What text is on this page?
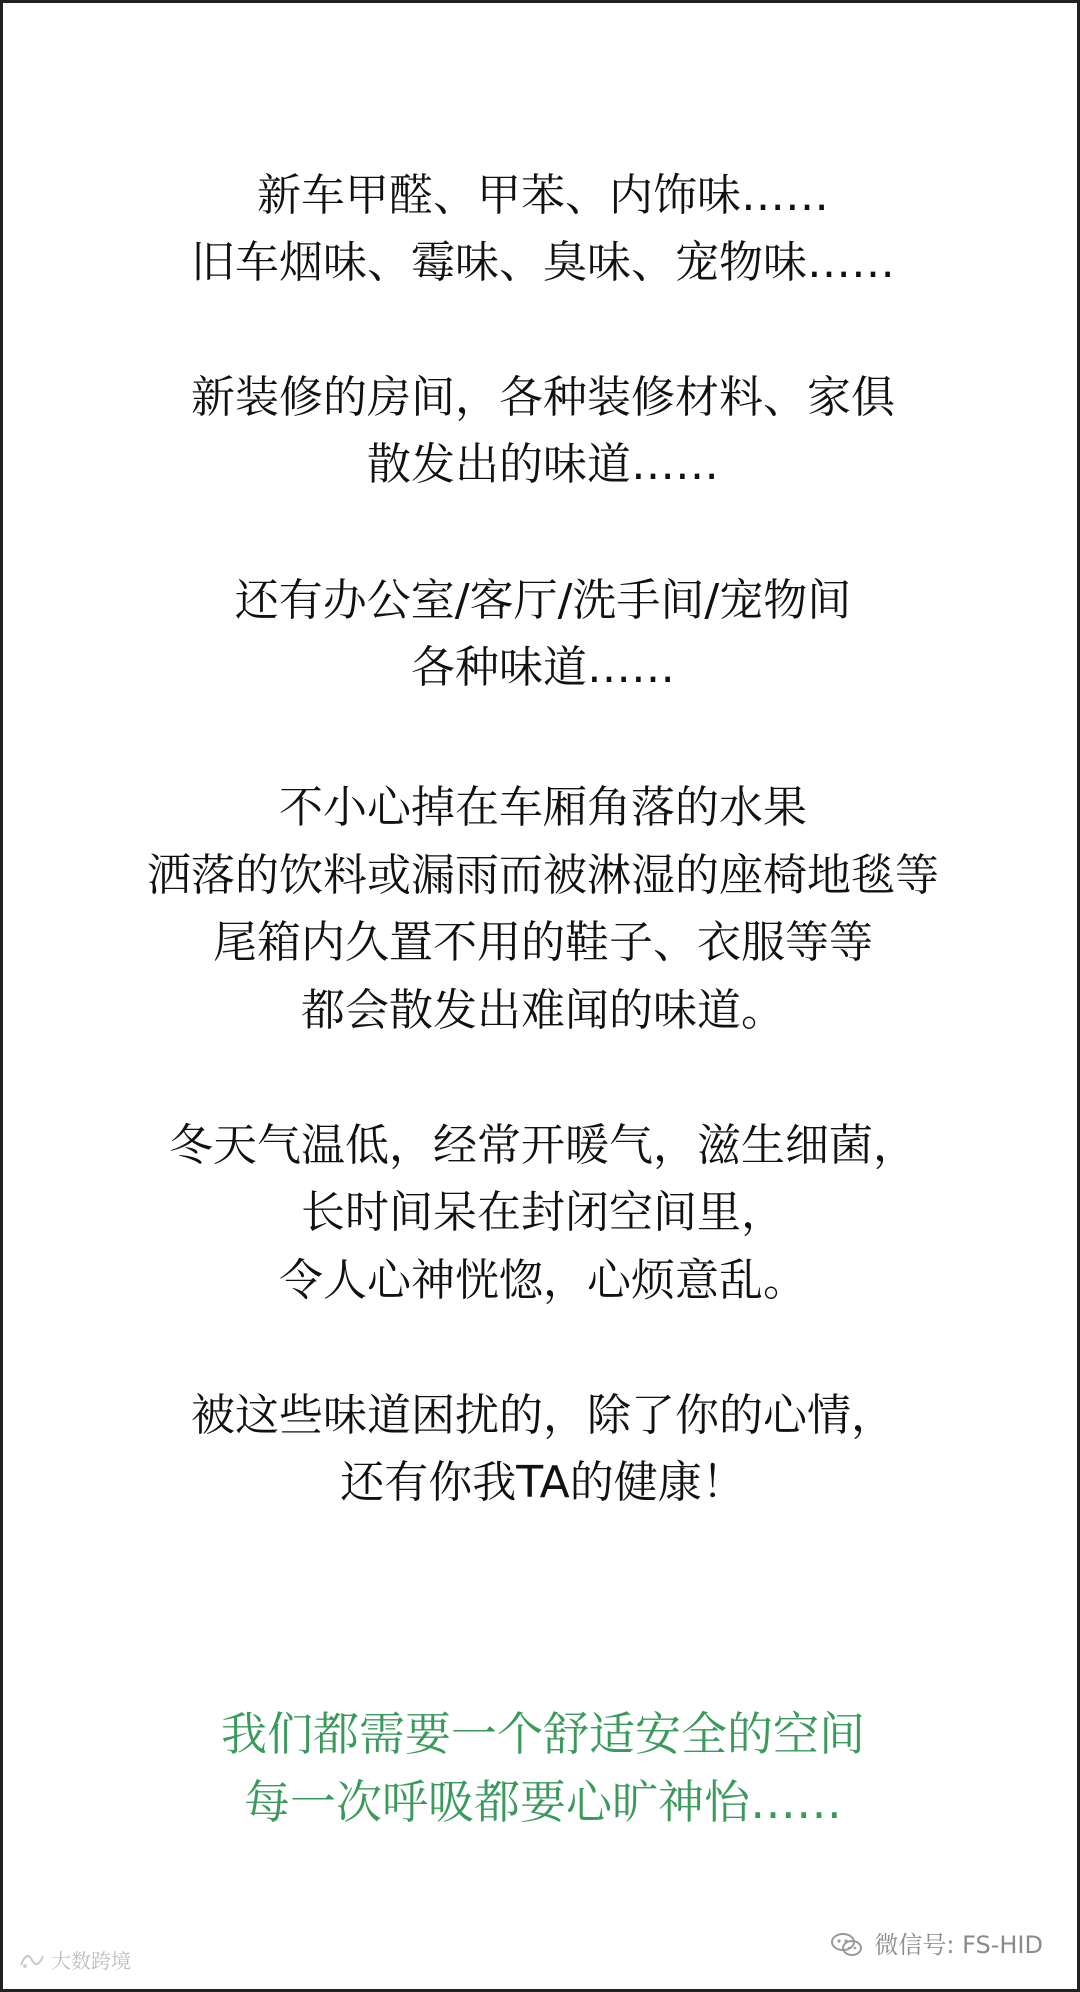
新车甲醛、甲苯、内饰味……
旧车烟味、霉味、臭味、宠物味……
新装修的房间，各种装修材料、家俱
散发出的味道……
还有办公室/客厅/洗手间/宠物间
各种味道……
不小心掉在车厢角落的水果
洒落的饮料或漏雨而被淋湿的座椅地毯等
尾箱内久置不用的鞋子、衣服等等
都会散发出难闻的味道。
冬天气温低，经常开暖气，滋生细菌，
长时间呆在封闭空间里，
令人心神恍惚，心烦意乱。
被这些味道困扰的，除了你的心情，
还有你我TA的健康！
我们都需要一个舒适安全的空间
每一次呼吸都要心旷神怡……
大数跨境
微信号: FS-HID
